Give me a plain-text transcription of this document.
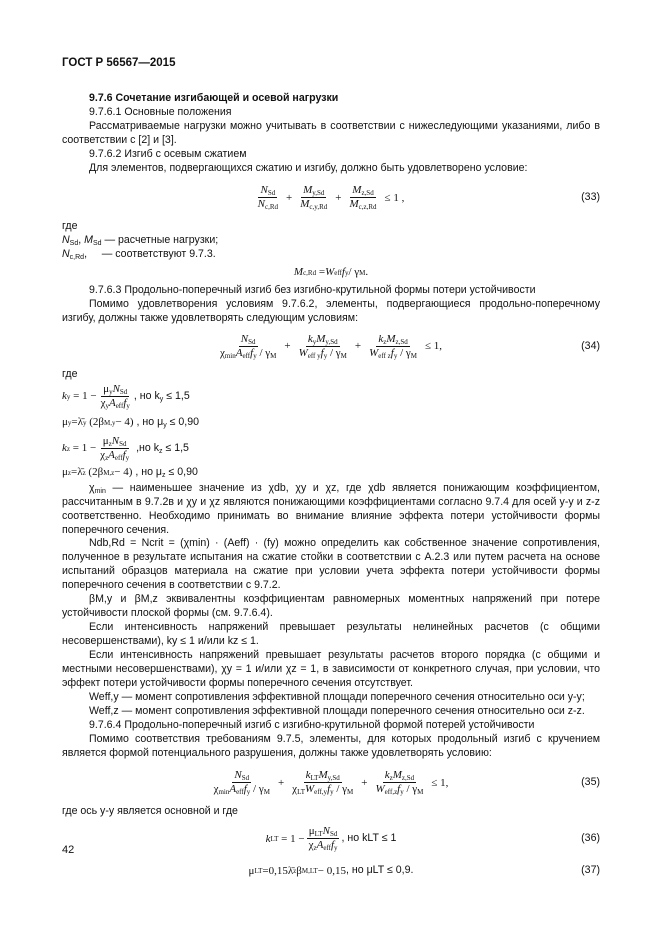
ГОСТ Р 56567—2015

9.7.6 Сочетание изгибающей и осевой нагрузки

9.7.6.1 Основные положения

Рассматриваемые нагрузки можно учитывать в соответствии с нижеследующими указаниями, либо в соответствии с [2] и [3].

9.7.6.2 Изгиб с осевым сжатием

Для элементов, подвергающихся сжатию и изгибу, должно быть удовлетворено условие:

$\frac{N_{Sd}}{N_{c,Rd}} + \frac{M_{y,Sd}}{M_{c,y,Rd}} + \frac{M_{z,Sd}}{M_{c,z,Rd}} \le 1$ ,	(33)

где

$N_{Sd}$, $M_{Sd}$ — расчетные нагрузки;

$N_{c,Rd}$,     — соответствуют 9.7.3.

M c,Rd = W eff f y / γ M .

9.7.6.3 Продольно-поперечный изгиб без изгибно-крутильной формы потери устойчивости

Помимо удовлетворения условиям 9.7.6.2, элементы, подвергающиеся продольно-поперечному изгибу, должны также удовлетворять следующим условиям:

$\frac{N_{Sd}}{\chi_{min}A_{eff}f_y / \gamma_M} + \frac{k_yM_{y,Sd}}{W_{eff y}f_y / \gamma_M} + \frac{k_zM_{z,Sd}}{W_{eff z}f_y / \gamma_M} \le 1$,	(34)

где

k $y = 1 - \frac{\mu_yN_{Sd}}{\chi_yA_{eff}f_y}$ , но $k_y \le 1,5$
μ y =λ̄ y (2β M,y − 4) , но $\mu_y \le 0,90$
k $z = 1 - \frac{\mu_zN_{Sd}}{\chi_zA_{eff}f_y} ,но$ $k_z \le 1,5$
μ z =λ̄ z (2β M,z − 4) , но $\mu_z \le 0,90$

$\chi_{min}$ — наименьшее значение из χdb, χy и χz, где χdb является понижающим коэффициентом, рассчитанным в 9.7.2в и χy и χz являются понижающими коэффициентами согласно 9.7.4 для осей y-y и z-z соответственно. Необходимо принимать во внимание влияние эффекта потери устойчивости формы поперечного сечения.

Ndb,Rd = Ncrit = (χmin) · (Aeff) · (fy) можно определить как собственное значение сопротивления, полученное в результате испытания на сжатие стойки в соответствии с А.2.3 или путем расчета на основе испытаний образцов материала на сжатие при условии учета эффекта потери устойчивости формы поперечного сечения в соответствии с 9.7.2.

βM,y и βM,z эквивалентны коэффициентам равномерных моментных напряжений при потере устойчивости плоской формы (см. 9.7.6.4).

Если интенсивность напряжений превышает результаты нелинейных расчетов (с общими несовершенствами), ky ≤ 1 и/или kz ≤ 1.

Если интенсивность напряжений превышает результаты расчетов второго порядка (с общими и местными несовершенствами), χy = 1 и/или χz = 1, в зависимости от конкретного случая, при условии, что эффект потери устойчивости формы поперечного сечения отсутствует.

Weff,y — момент сопротивления эффективной площади поперечного сечения относительно оси y-y;

Weff,z — момент сопротивления эффективной площади поперечного сечения относительно оси z-z.

9.7.6.4 Продольно-поперечный изгиб с изгибно-крутильной формой потерей устойчивости

Помимо соответствия требованиям 9.7.5, элементы, для которых продольный изгиб с кручением является формой потенциального разрушения, должны также удовлетворять условию:

$\frac{N_{Sd}}{\chi_{min}A_{eff}f_y / \gamma_M} + \frac{k_{LT}M_{y,Sd}}{\chi_{LT}W_{eff,y}f_y / \gamma_M} + \frac{k_zM_{z,Sd}}{W_{eff,z}f_y / \gamma_M} \le 1$,	(35)

где ось y-y является основной и где

k LT = $1 - \frac{\mu_{LT}N_{Sd}}{\chi_zA_{eff}f_y}$ , но kLT ≤ 1	(36)
μ LT =0,15λ̄ z β M,LT − 0,15 , но μLT ≤ 0,9.	(37)
42
